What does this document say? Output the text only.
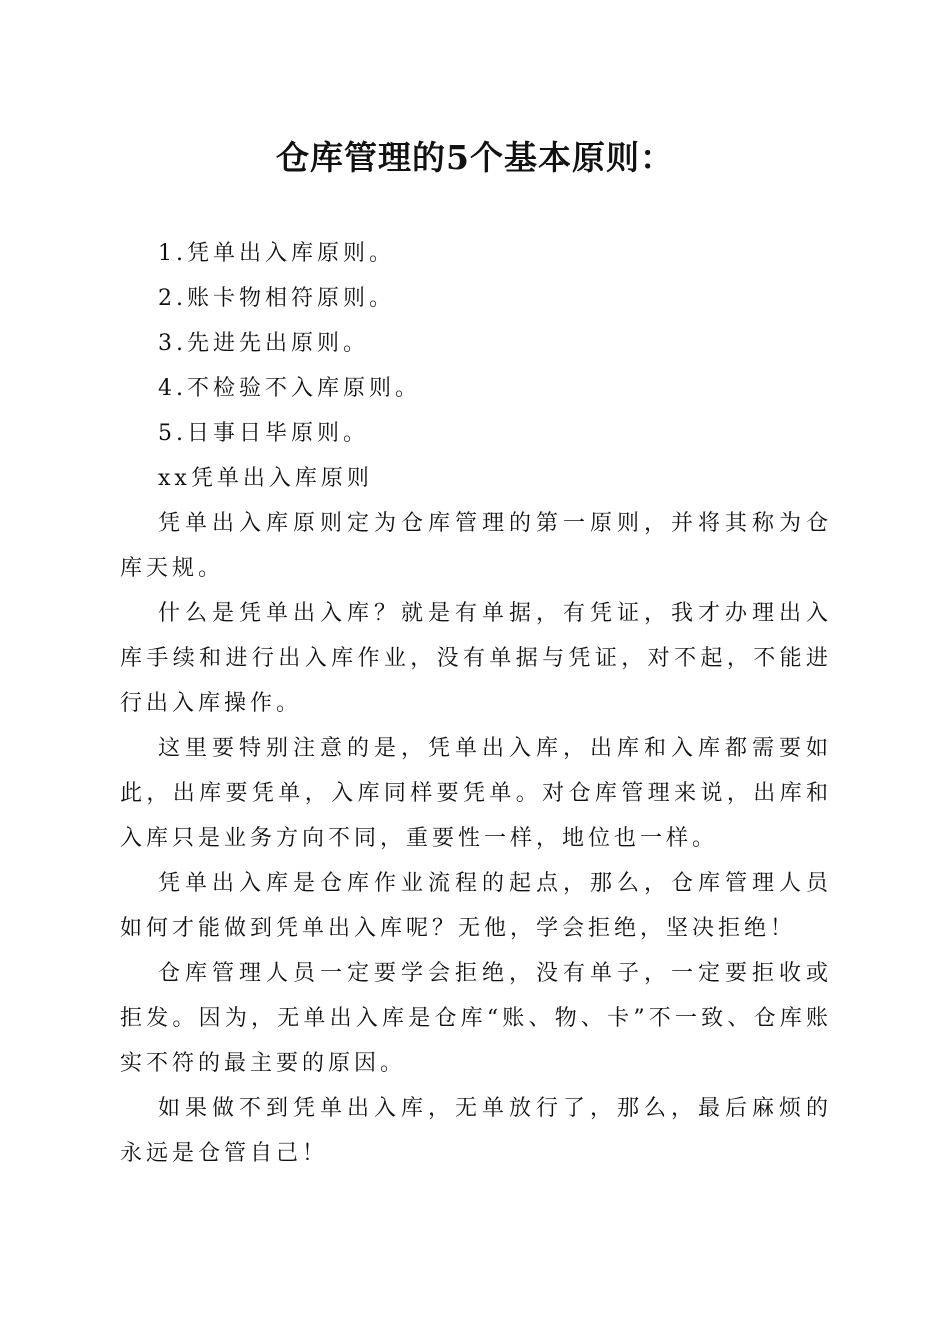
仓库管理的5个基本原则：

1.凭单出入库原则。

2.账卡物相符原则。

3.先进先出原则。

4.不检验不入库原则。

5.日事日毕原则。

xx凭单出入库原则

凭单出入库原则定为仓库管理的第一原则，并将其称为仓库天规。

什么是凭单出入库？就是有单据，有凭证，我才办理出入库手续和进行出入库作业，没有单据与凭证，对不起，不能进行出入库操作。

这里要特别注意的是，凭单出入库，出库和入库都需要如此，出库要凭单，入库同样要凭单。对仓库管理来说，出库和入库只是业务方向不同，重要性一样，地位也一样。

凭单出入库是仓库作业流程的起点，那么，仓库管理人员如何才能做到凭单出入库呢？无他，学会拒绝，坚决拒绝！

仓库管理人员一定要学会拒绝，没有单子，一定要拒收或拒发。因为，无单出入库是仓库“账、物、卡”不一致、仓库账实不符的最主要的原因。

如果做不到凭单出入库，无单放行了，那么，最后麻烦的永远是仓管自己！
